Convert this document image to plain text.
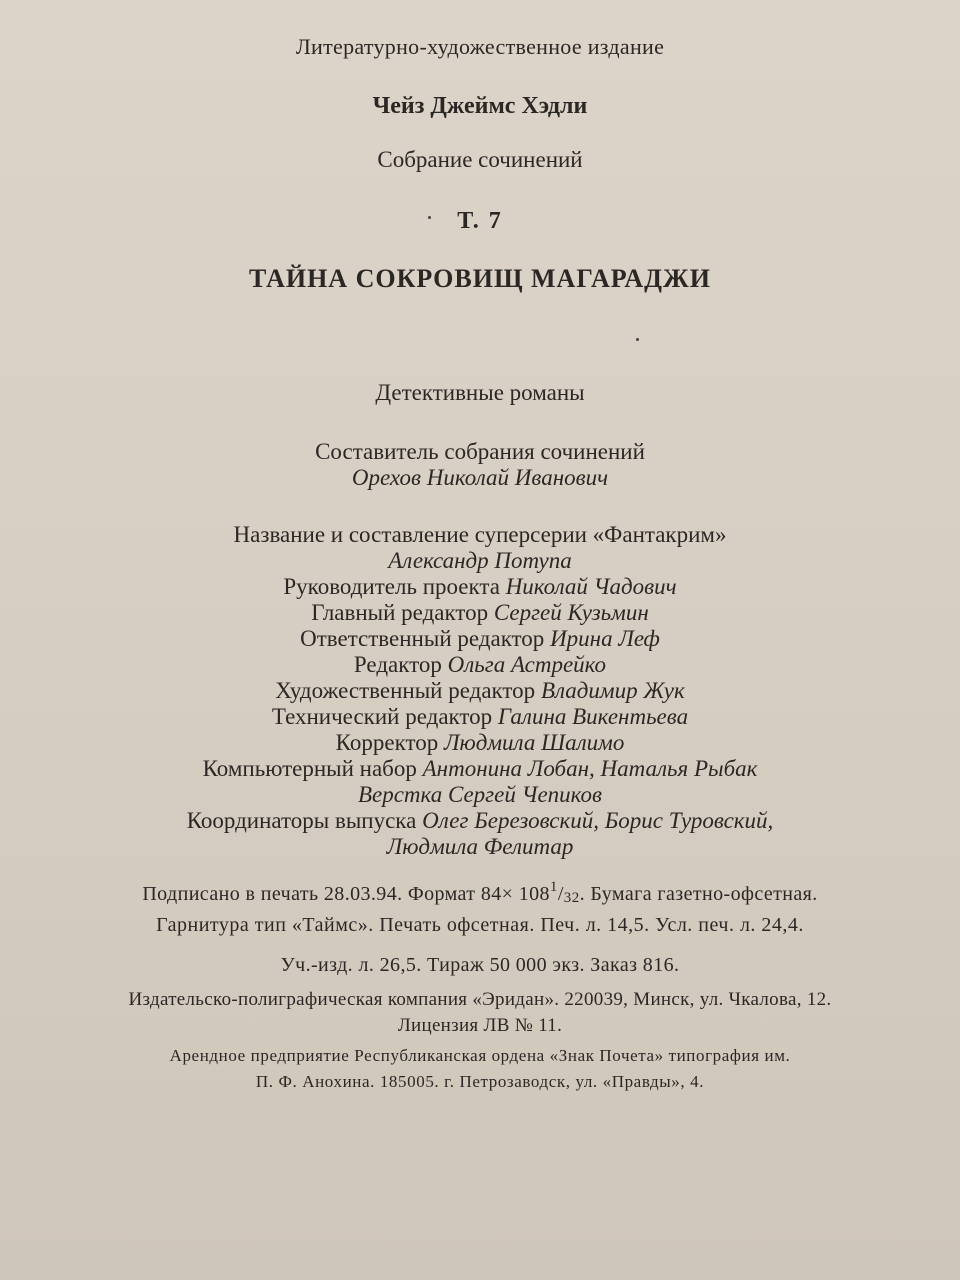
Литературно-художественное издание

Чейз Джеймс Хэдли

Собрание сочинений

Т. 7

ТАЙНА СОКРОВИЩ МАГАРАДЖИ

Детективные романы

Составитель собрания сочинений

Орехов Николай Иванович

Название и составление суперсерии «Фантакрим»

Александр Потупа

Руководитель проекта Николай Чадович

Главный редактор Сергей Кузьмин

Ответственный редактор Ирина Леф

Редактор Ольга Астрейко

Художественный редактор Владимир Жук

Технический редактор Галина Викентьева

Корректор Людмила Шалимо

Компьютерный набор Антонина Лобан, Наталья Рыбак

Верстка Сергей Чепиков

Координаторы выпуска Олег Березовский, Борис Туровский,

Людмила Фелитар

Подписано в печать 28.03.94. Формат $84\times 108^1/32$. Бумага газетно-офсетная.

Гарнитура тип «Таймс». Печать офсетная. Печ. л. 14,5. Усл. печ. л. 24,4.

Уч.-изд. л. 26,5. Тираж 50 000 экз. Заказ 816.

Издательско-полиграфическая компания «Эридан». 220039, Минск, ул. Чкалова, 12.

Лицензия ЛВ № 11.

Арендное предприятие Республиканская ордена «Знак Почета» типография им.

П. Ф. Анохина. 185005. г. Петрозаводск, ул. «Правды», 4.
